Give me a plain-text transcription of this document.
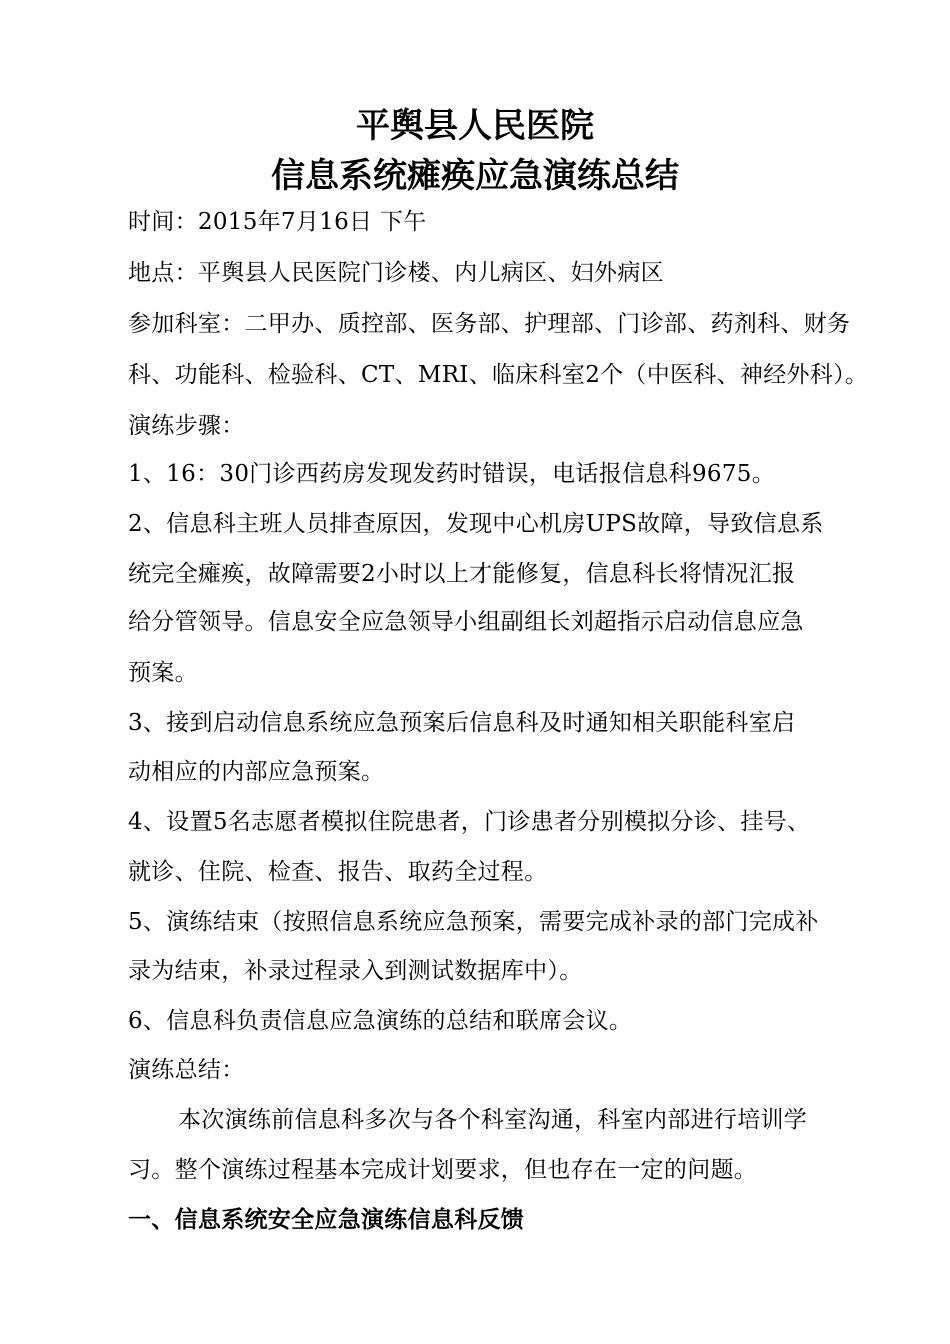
平舆县人民医院
信息系统瘫痪应急演练总结
时间：2015年7月16日 下午
地点：平舆县人民医院门诊楼、内儿病区、妇外病区
参加科室：二甲办、质控部、医务部、护理部、门诊部、药剂科、财务
科、功能科、检验科、CT、MRI、临床科室2个（中医科、神经外科）。
演练步骤：
1、16：30门诊西药房发现发药时错误，电话报信息科9675。
2、信息科主班人员排查原因，发现中心机房UPS故障，导致信息系
统完全瘫痪，故障需要2小时以上才能修复，信息科长将情况汇报
给分管领导。信息安全应急领导小组副组长刘超指示启动信息应急
预案。
3、接到启动信息系统应急预案后信息科及时通知相关职能科室启
动相应的内部应急预案。
4、设置5名志愿者模拟住院患者，门诊患者分别模拟分诊、挂号、
就诊、住院、检查、报告、取药全过程。
5、演练结束（按照信息系统应急预案，需要完成补录的部门完成补
录为结束，补录过程录入到测试数据库中）。
6、信息科负责信息应急演练的总结和联席会议。
演练总结：
本次演练前信息科多次与各个科室沟通，科室内部进行培训学
习。整个演练过程基本完成计划要求，但也存在一定的问题。
一、信息系统安全应急演练信息科反馈
